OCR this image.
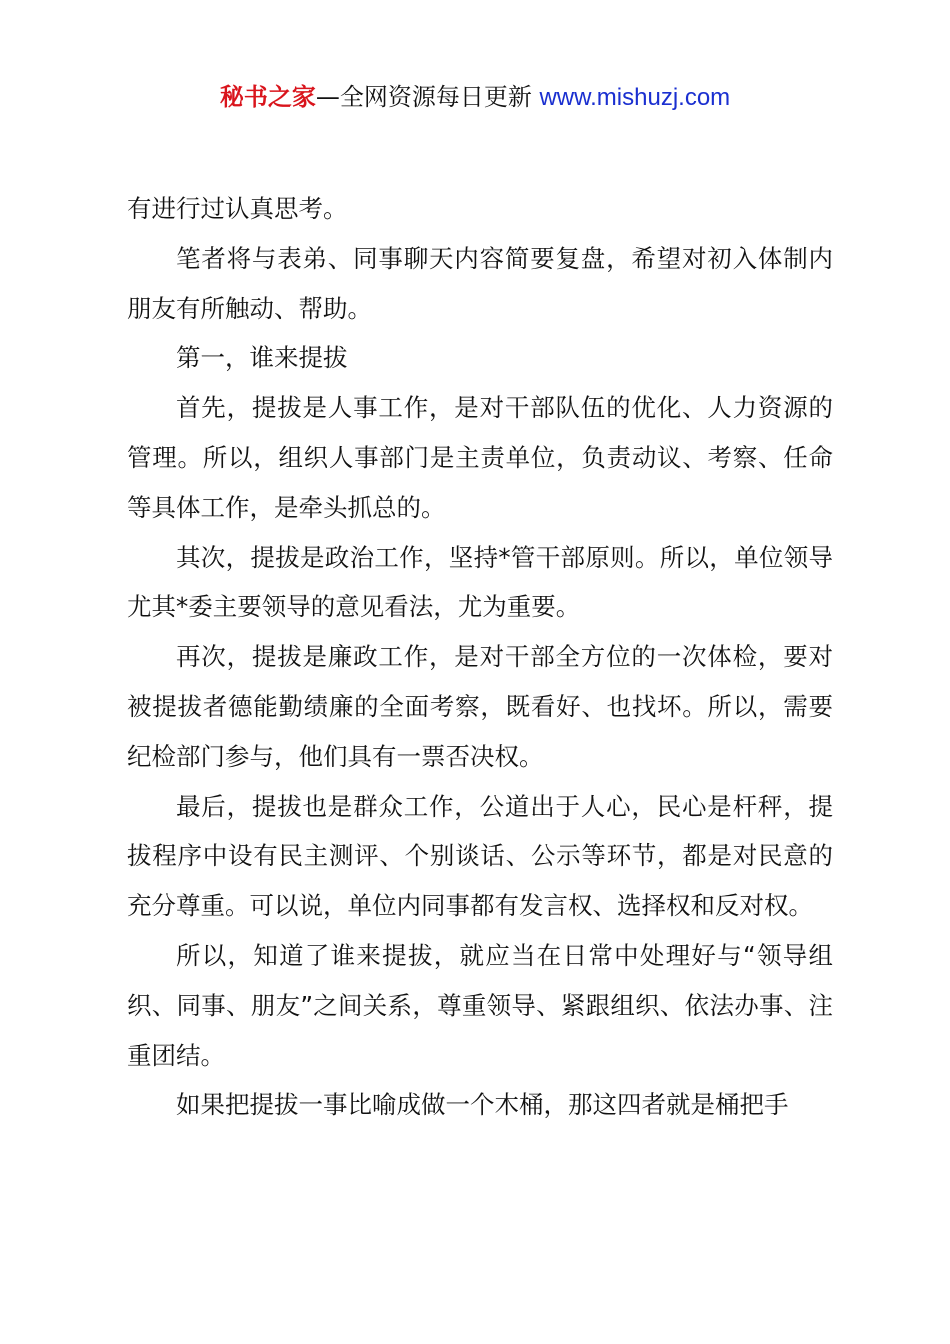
秘书之家—全网资源每日更新 www.mishuzj.com

有进行过认真思考。

笔者将与表弟、同事聊天内容简要复盘，希望对初入体制内朋友有所触动、帮助。

第一，谁来提拔

首先，提拔是人事工作，是对干部队伍的优化、人力资源的管理。所以，组织人事部门是主责单位，负责动议、考察、任命等具体工作，是牵头抓总的。

其次，提拔是政治工作，坚持*管干部原则。所以，单位领导尤其*委主要领导的意见看法，尤为重要。

再次，提拔是廉政工作，是对干部全方位的一次体检，要对被提拔者德能勤绩廉的全面考察，既看好、也找坏。所以，需要纪检部门参与，他们具有一票否决权。

最后，提拔也是群众工作，公道出于人心，民心是杆秤，提拔程序中设有民主测评、个别谈话、公示等环节，都是对民意的充分尊重。可以说，单位内同事都有发言权、选择权和反对权。

所以，知道了谁来提拔，就应当在日常中处理好与“领导组织、同事、朋友”之间关系，尊重领导、紧跟组织、依法办事、注重团结。

如果把提拔一事比喻成做一个木桶，那这四者就是桶把手
